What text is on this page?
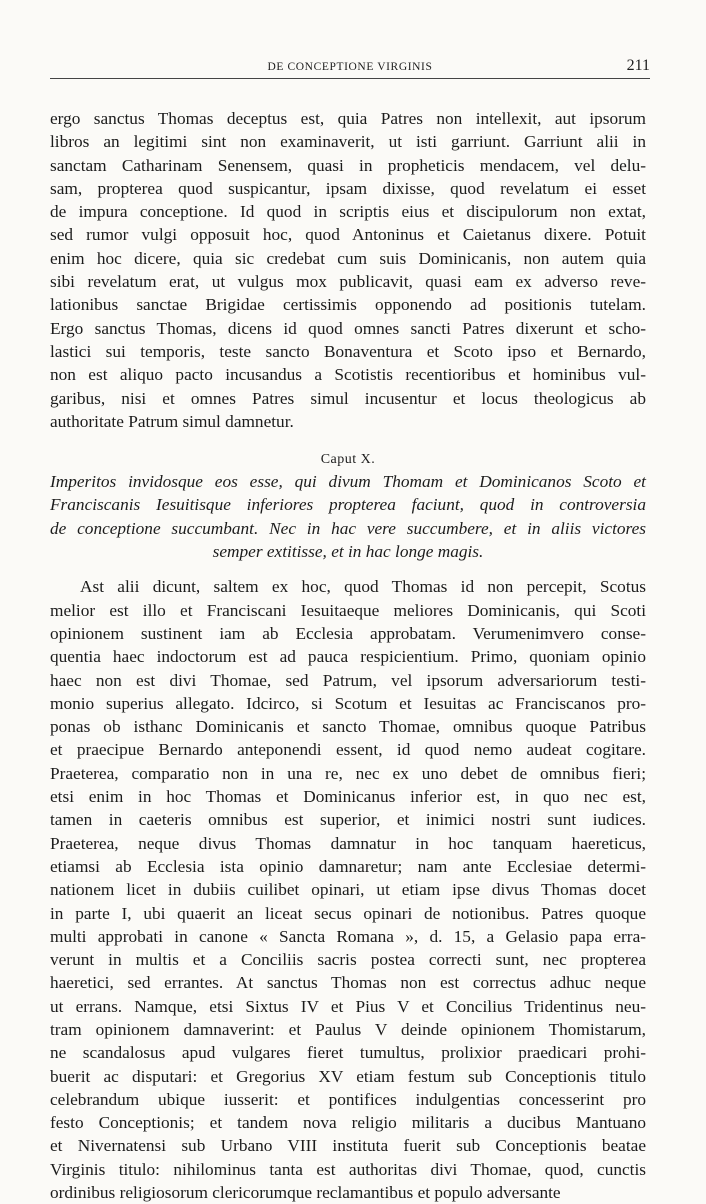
DE CONCEPTIONE VIRGINIS	211
ergo sanctus Thomas deceptus est, quia Patres non intellexit, aut ipsorum
libros an legitimi sint non examinaverit, ut isti garriunt. Garriunt alii in
sanctam Catharinam Senensem, quasi in propheticis mendacem, vel delu-
sam, propterea quod suspicantur, ipsam dixisse, quod revelatum ei esset
de impura conceptione. Id quod in scriptis eius et discipulorum non extat,
sed rumor vulgi opposuit hoc, quod Antoninus et Caietanus dixere. Potuit
enim hoc dicere, quia sic credebat cum suis Dominicanis, non autem quia
sibi revelatum erat, ut vulgus mox publicavit, quasi eam ex adverso reve-
lationibus sanctae Brigidae certissimis opponendo ad positionis tutelam.
Ergo sanctus Thomas, dicens id quod omnes sancti Patres dixerunt et scho-
lastici sui temporis, teste sancto Bonaventura et Scoto ipso et Bernardo,
non est aliquo pacto incusandus a Scotistis recentioribus et hominibus vul-
garibus, nisi et omnes Patres simul incusentur et locus theologicus ab
authoritate Patrum simul damnetur.
Caput X.
Imperitos invidosque eos esse, qui divum Thomam et Dominicanos Scoto et
Franciscanis Iesuitisque inferiores propterea faciunt, quod in controversia
de conceptione succumbant. Nec in hac vere succumbere, et in aliis victores
semper extitisse, et in hac longe magis.
Ast alii dicunt, saltem ex hoc, quod Thomas id non percepit, Scotus
melior est illo et Franciscani Iesuitaeque meliores Dominicanis, qui Scoti
opinionem sustinent iam ab Ecclesia approbatam. Verumenimvero conse-
quentia haec indoctorum est ad pauca respicientium. Primo, quoniam opinio
haec non est divi Thomae, sed Patrum, vel ipsorum adversariorum testi-
monio superius allegato. Idcirco, si Scotum et Iesuitas ac Franciscanos pro-
ponas ob isthanc Dominicanis et sancto Thomae, omnibus quoque Patribus
et praecipue Bernardo anteponendi essent, id quod nemo audeat cogitare.
Praeterea, comparatio non in una re, nec ex uno debet de omnibus fieri;
etsi enim in hoc Thomas et Dominicanus inferior est, in quo nec est,
tamen in caeteris omnibus est superior, et inimici nostri sunt iudices.
Praeterea, neque divus Thomas damnatur in hoc tanquam haereticus,
etiamsi ab Ecclesia ista opinio damnaretur; nam ante Ecclesiae determi-
nationem licet in dubiis cuilibet opinari, ut etiam ipse divus Thomas docet
in parte I, ubi quaerit an liceat secus opinari de notionibus. Patres quoque
multi approbati in canone « Sancta Romana », d. 15, a Gelasio papa erra-
verunt in multis et a Conciliis sacris postea correcti sunt, nec propterea
haeretici, sed errantes. At sanctus Thomas non est correctus adhuc neque
ut errans. Namque, etsi Sixtus IV et Pius V et Concilius Tridentinus neu-
tram opinionem damnaverint: et Paulus V deinde opinionem Thomistarum,
ne scandalosus apud vulgares fieret tumultus, prolixior praedicari prohi-
buerit ac disputari: et Gregorius XV etiam festum sub Conceptionis titulo
celebrandum ubique iusserit: et pontifices indulgentias concesserint pro
festo Conceptionis; et tandem nova religio militaris a ducibus Mantuano
et Nivernatensi sub Urbano VIII instituta fuerit sub Conceptionis beatae
Virginis titulo: nihilominus tanta est authoritas divi Thomae, quod, cunctis
ordinibus religiosorum clericorumque reclamantibus et populo adversante
